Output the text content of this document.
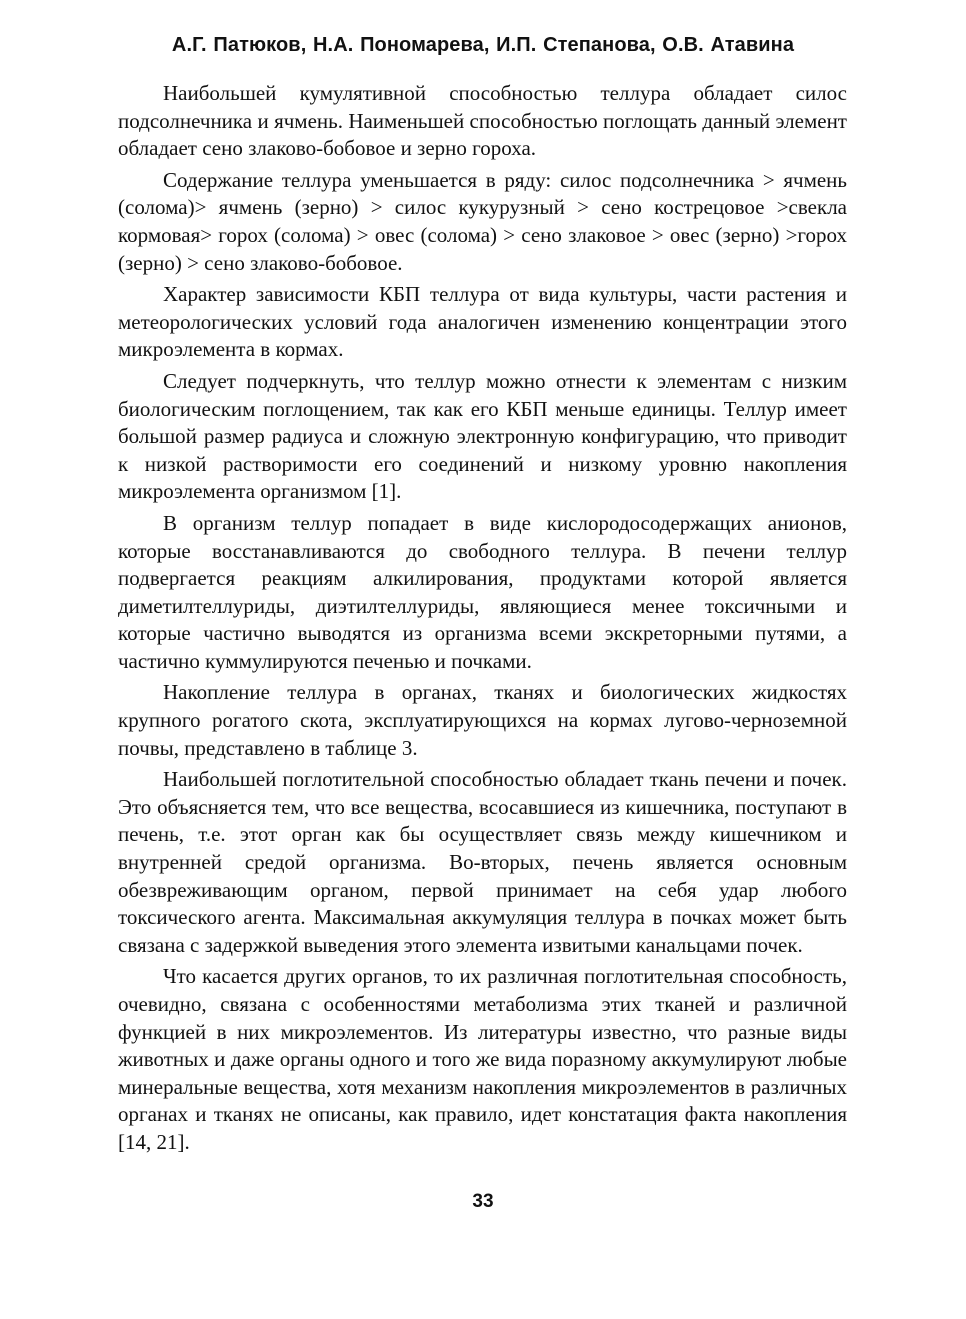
А.Г. Патюков, Н.А. Пономарева, И.П. Степанова, О.В. Атавина

Наибольшей кумулятивной способностью теллура обладает силос подсолнечника и ячмень. Наименьшей способностью поглощать данный элемент обладает сено злаково-бобовое и зерно гороха.

Содержание теллура уменьшается в ряду: силос подсолнечника > ячмень (солома)> ячмень (зерно) > силос кукурузный > сено кострецовое >свекла кормовая> горох (солома) > овес (солома) > сено злаковое > овес (зерно) >горох (зерно) > сено злаково-бобовое.

Характер зависимости КБП теллура от вида культуры, части растения и метеорологических условий года аналогичен изменению концентрации этого микроэлемента в кормах.

Следует подчеркнуть, что теллур можно отнести к элементам с низким биологическим поглощением, так как его КБП меньше единицы. Теллур имеет большой размер радиуса и сложную электронную конфигурацию, что приводит к низкой растворимости его соединений и низкому уровню накопления микроэлемента организмом [1].

В организм теллур попадает в виде кислородосодержащих анионов, которые восстанавливаются до свободного теллура. В печени теллур подвергается реакциям алкилирования, продуктами которой является диметилтеллуриды, диэтилтеллуриды, являющиеся менее токсичными и которые частично выводятся из организма всеми экскреторными путями, а частично куммулируются печенью и почками.

Накопление теллура в органах, тканях и биологических жидкостях крупного рогатого скота, эксплуатирующихся на кормах лугово-черноземной почвы, представлено в таблице 3.

Наибольшей поглотительной способностью обладает ткань печени и почек. Это объясняется тем, что все вещества, всосавшиеся из кишечника, поступают в печень, т.е. этот орган как бы осуществляет связь между кишечником и внутренней средой организма. Во-вторых, печень является основным обезвреживающим органом, первой принимает на себя удар любого токсического агента. Максимальная аккумуляция теллура в почках может быть связана с задержкой выведения этого элемента извитыми канальцами почек.

Что касается других органов, то их различная поглотительная способность, очевидно, связана с особенностями метаболизма этих тканей и различной функцией в них микроэлементов. Из литературы известно, что разные виды животных и даже органы одного и того же вида поразному аккумулируют любые минеральные вещества, хотя механизм накопления микроэлементов в различных органах и тканях не описаны, как правило, идет констатация факта накопления [14, 21].

33
